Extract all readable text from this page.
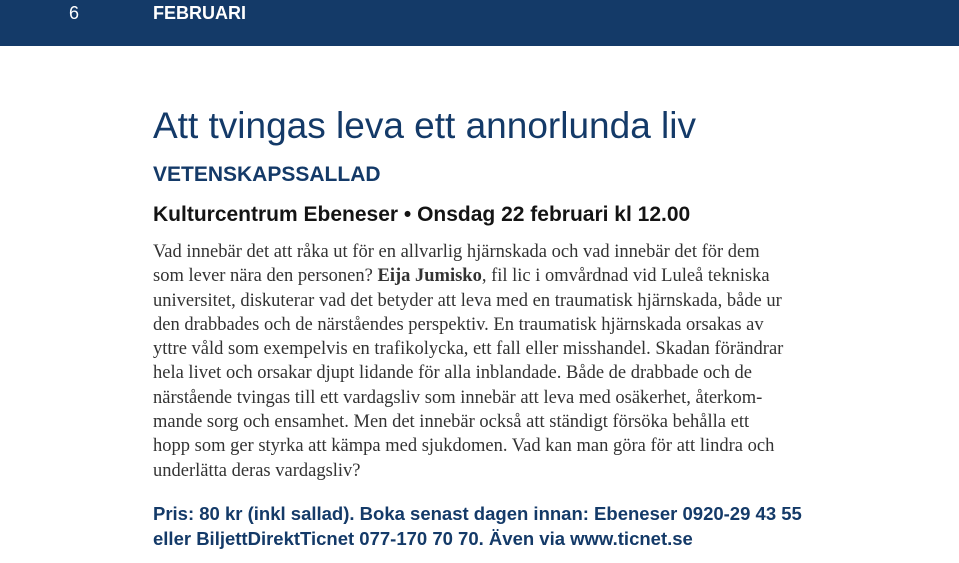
6	FEBRUARI
Att tvingas leva ett annorlunda liv
VETENSKAPSSALLAD
Kulturcentrum Ebeneser • Onsdag 22 februari kl 12.00
Vad innebär det att råka ut för en allvarlig hjärnskada och vad innebär det för dem
som lever nära den personen? Eija Jumisko, fil lic i omvårdnad vid Luleå tekniska
universitet, diskuterar vad det betyder att leva med en traumatisk hjärnskada, både ur
den drabbades och de närståendes perspektiv. En traumatisk hjärnskada orsakas av
yttre våld som exempelvis en trafikolycka, ett fall eller misshandel. Skadan förändrar
hela livet och orsakar djupt lidande för alla inblandade. Både de drabbade och de
närstående tvingas till ett vardagsliv som innebär att leva med osäkerhet, återkom-
mande sorg och ensamhet. Men det innebär också att ständigt försöka behålla ett
hopp som ger styrka att kämpa med sjukdomen. Vad kan man göra för att lindra och
underlätta deras vardagsliv?
Pris: 80 kr (inkl sallad). Boka senast dagen innan: Ebeneser 0920-29 43 55
eller BiljettDirektTicnet 077-170 70 70. Även via www.ticnet.se
